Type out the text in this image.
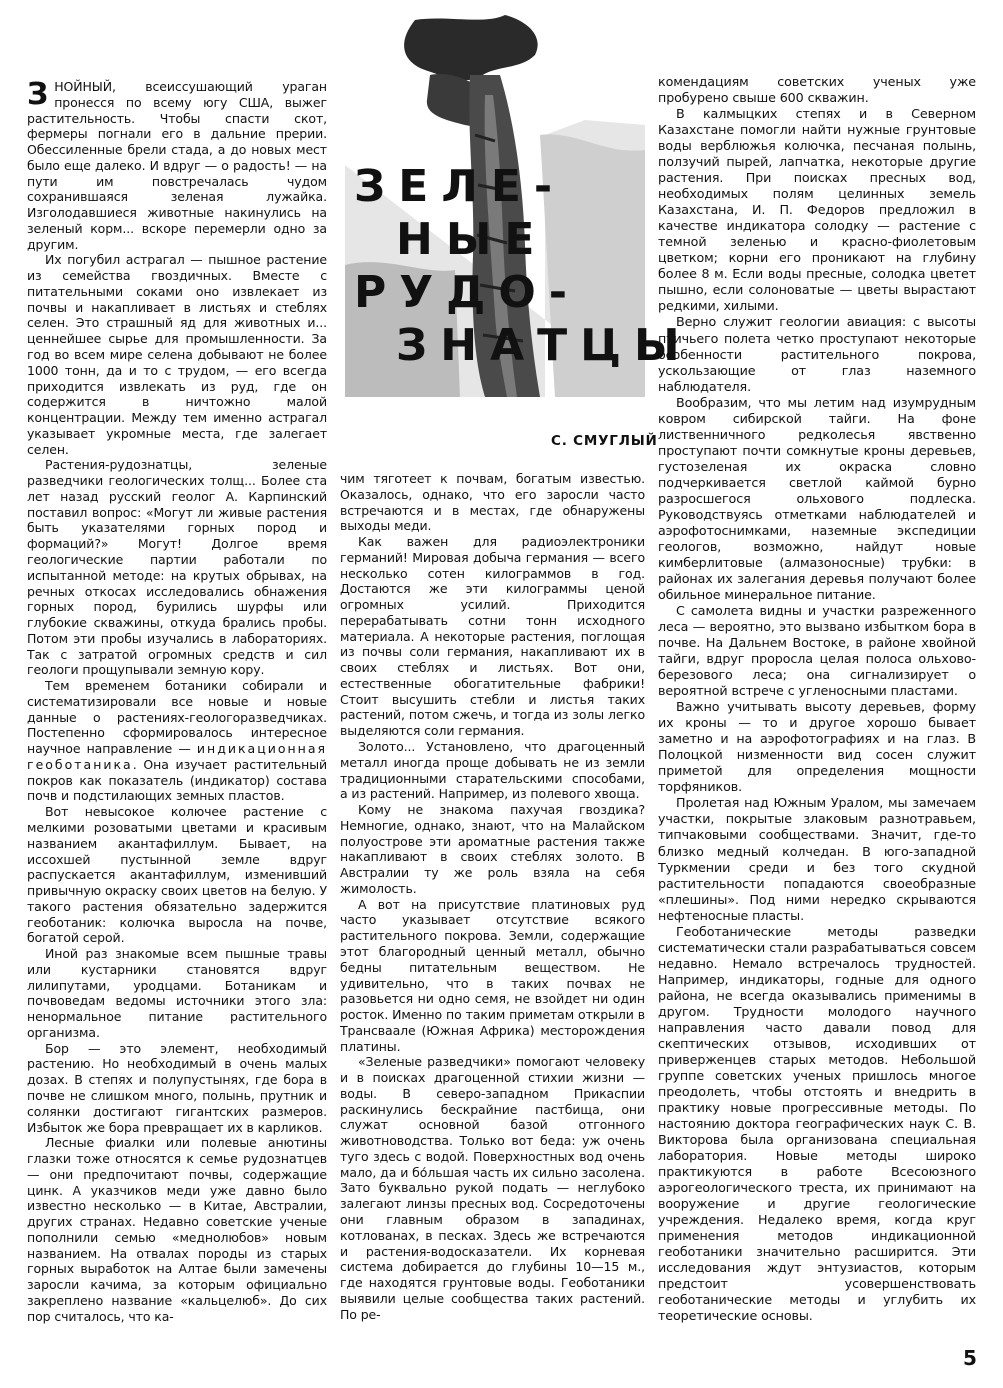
ЗЕЛЕ-
НЫЕ
РУДО-
ЗНАТЦЫ
С. СМУГЛЫЙ

ЗНОЙНЫЙ, всеиссушающий ураган пронесся по всему югу США, выжег растительность. Чтобы спасти скот, фермеры погнали его в дальние прерии. Обессиленные брели стада, а до новых мест было еще далеко. И вдруг — о радость! — на пути им повстречалась чудом сохранившаяся зеленая лужайка. Изголодавшиеся животные накинулись на зеленый корм... вскоре перемерли одно за другим.

Их погубил астрагал — пышное растение из семейства гвоздичных. Вместе с питательными соками оно извлекает из почвы и накапливает в листьях и стеблях селен. Это страшный яд для животных и... ценнейшее сырье для промышленности. За год во всем мире селена добывают не более 1000 тонн, да и то с трудом, — его всегда приходится извлекать из руд, где он содержится в ничтожно малой концентрации. Между тем именно астрагал указывает укромные места, где залегает селен.

Растения-рудознатцы, зеленые разведчики геологических толщ... Более ста лет назад русский геолог А. Карпинский поставил вопрос: «Могут ли живые растения быть указателями горных пород и формаций?» Могут! Долгое время геологические партии работали по испытанной методе: на крутых обрывах, на речных откосах исследовались обнажения горных пород, бурились шурфы или глубокие скважины, откуда брались пробы. Потом эти пробы изучались в лабораториях. Так с затратой огромных средств и сил геологи прощупывали земную кору.

Тем временем ботаники собирали и систематизировали все новые и новые данные о растениях-геологоразведчиках. Постепенно сформировалось интересное научное направление — индикационная геоботаника. Она изучает растительный покров как показатель (индикатор) состава почв и подстилающих земных пластов.

Вот невысокое колючее растение с мелкими розоватыми цветами и красивым названием акантафиллум. Бывает, на иссохшей пустынной земле вдруг распускается акантафиллум, изменивший привычную окраску своих цветов на белую. У такого растения обязательно задержится геоботаник: колючка выросла на почве, богатой серой.

Иной раз знакомые всем пышные травы или кустарники становятся вдруг лилипутами, уродцами. Ботаникам и почвоведам ведомы источники этого зла: ненормальное питание растительного организма.

Бор — это элемент, необходимый растению. Но необходимый в очень малых дозах. В степях и полупустынях, где бора в почве не слишком много, полынь, прутник и солянки достигают гигантских размеров. Избыток же бора превращает их в карликов.

Лесные фиалки или полевые анютины глазки тоже относятся к семье рудознатцев — они предпочитают почвы, содержащие цинк. А указчиков меди уже давно было известно несколько — в Китае, Австралии, других странах. Недавно советские ученые пополнили семью «меднолюбов» новым названием. На отвалах породы из старых горных выработок на Алтае были замечены заросли качима, за которым официально закреплено название «кальцелюб». До сих пор считалось, что ка-

чим тяготеет к почвам, богатым известью. Оказалось, однако, что его заросли часто встречаются и в местах, где обнаружены выходы меди.

Как важен для радиоэлектроники германий! Мировая добыча германия — всего несколько сотен килограммов в год. Достаются же эти килограммы ценой огромных усилий. Приходится перерабатывать сотни тонн исходного материала. А некоторые растения, поглощая из почвы соли германия, накапливают их в своих стеблях и листьях. Вот они, естественные обогатительные фабрики! Стоит высушить стебли и листья таких растений, потом сжечь, и тогда из золы легко выделяются соли германия.

Золото... Установлено, что драгоценный металл иногда проще добывать не из земли традиционными старательскими способами, а из растений. Например, из полевого хвоща.

Кому не знакома пахучая гвоздика? Немногие, однако, знают, что на Малайском полуострове эти ароматные растения также накапливают в своих стеблях золото. В Австралии ту же роль взяла на себя жимолость.

А вот на присутствие платиновых руд часто указывает отсутствие всякого растительного покрова. Земли, содержащие этот благородный ценный металл, обычно бедны питательным веществом. Не удивительно, что в таких почвах не разовьется ни одно семя, не взойдет ни один росток. Именно по таким приметам открыли в Трансваале (Южная Африка) месторождения платины.

«Зеленые разведчики» помогают человеку и в поисках драгоценной стихии жизни — воды. В северо-западном Прикаспии раскинулись бескрайние пастбища, они служат основной базой отгонного животноводства. Только вот беда: уж очень туго здесь с водой. Поверхностных вод очень мало, да и бо́льшая часть их сильно засолена. Зато буквально рукой подать — неглубоко залегают линзы пресных вод. Сосредоточены они главным образом в западинах, котлованах, в песках. Здесь же встречаются и растения-водосказатели. Их корневая система добирается до глубины 10—15 м., где находятся грунтовые воды. Геоботаники выявили целые сообщества таких растений. По ре-

комендациям советских ученых уже пробурено свыше 600 скважин.

В калмыцких степях и в Северном Казахстане помогли найти нужные грунтовые воды верблюжья колючка, песчаная полынь, ползучий пырей, лапчатка, некоторые другие растения. При поисках пресных вод, необходимых полям целинных земель Казахстана, И. П. Федоров предложил в качестве индикатора солодку — растение с темной зеленью и красно-фиолетовым цветком; корни его проникают на глубину более 8 м. Если воды пресные, солодка цветет пышно, если солоноватые — цветы вырастают редкими, хилыми.

Верно служит геологии авиация: с высоты птичьего полета четко проступают некоторые особенности растительного покрова, ускользающие от глаз наземного наблюдателя.

Вообразим, что мы летим над изумрудным ковром сибирской тайги. На фоне лиственничного редколесья явственно проступают почти сомкнутые кроны деревьев, густозеленая их окраска словно подчеркивается светлой каймой бурно разросшегося ольхового подлеска. Руководствуясь отметками наблюдателей и аэрофотоснимками, наземные экспедиции геологов, возможно, найдут новые кимберлитовые (алмазоносные) трубки: в районах их залегания деревья получают более обильное минеральное питание.

С самолета видны и участки разреженного леса — вероятно, это вызвано избытком бора в почве. На Дальнем Востоке, в районе хвойной тайги, вдруг проросла целая полоса ольхово-березового леса; она сигнализирует о вероятной встрече с угленосными пластами.

Важно учитывать высоту деревьев, форму их кроны — то и другое хорошо бывает заметно и на аэрофотографиях и на глаз. В Полоцкой низменности вид сосен служит приметой для определения мощности торфяников.

Пролетая над Южным Уралом, мы замечаем участки, покрытые злаковым разнотравьем, типчаковыми сообществами. Значит, где-то близко медный колчедан. В юго-западной Туркмении среди и без того скудной растительности попадаются своеобразные «плешины». Под ними нередко скрываются нефтеносные пласты.

Геоботанические методы разведки систематически стали разрабатываться совсем недавно. Немало встречалось трудностей. Например, индикаторы, годные для одного района, не всегда оказывались применимы в другом. Трудности молодого научного направления часто давали повод для скептических отзывов, исходивших от приверженцев старых методов. Небольшой группе советских ученых пришлось многое преодолеть, чтобы отстоять и внедрить в практику новые прогрессивные методы. По настоянию доктора географических наук С. В. Викторова была организована специальная лаборатория. Новые методы широко практикуются в работе Всесоюзного аэрогеологического треста, их принимают на вооружение и другие геологические учреждения. Недалеко время, когда круг применения методов индикационной геоботаники значительно расширится. Эти исследования ждут энтузиастов, которым предстоит усовершенствовать геоботанические методы и углубить их теоретические основы.

5
